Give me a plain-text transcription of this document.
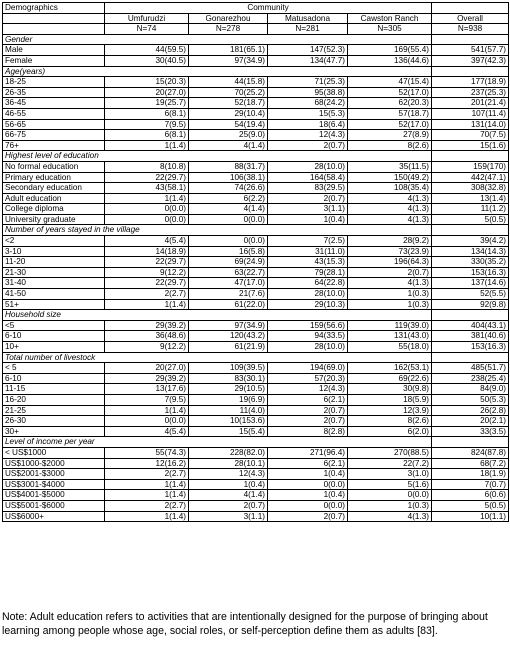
Demographics	Community				
	Umfurudzi	Gonarezhou	Matusadona	Cawston Ranch	Overall
	N=74	N=278	N=281	N=305	N=938
Gender					
Male	44(59.5)	181(65.1)	147(52.3)	169(55.4)	541(57.7)
Female	30(40.5)	97(34.9)	134(47.7)	136(44.6)	397(42.3)
Age(years)					
18-25	15(20.3)	44(15.8)	71(25.3)	47(15.4)	177(18.9)
26-35	20(27.0)	70(25.2)	95(38.8)	52(17.0)	237(25.3)
36-45	19(25.7)	52(18.7)	68(24.2)	62(20.3)	201(21.4)
46-55	6(8.1)	29(10.4)	15(5.3)	57(18.7)	107(11.4)
56-65	7(9.5)	54(19.4)	18(6.4)	52(17.0)	131(14.0)
66-75	6(8.1)	25(9.0)	12(4.3)	27(8.9)	70(7.5)
76+	1(1.4)	4(1.4)	2(0.7)	8(2.6)	15(1.6)
Highest level of education					
No formal education	8(10.8)	88(31.7)	28(10.0)	35(11.5)	159(170)
Primary education	22(29.7)	106(38.1)	164(58.4)	150(49.2)	442(47.1)
Secondary education	43(58.1)	74(26.6)	83(29.5)	108(35.4)	308(32.8)
Adult education	1(1.4)	6(2.2)	2(0.7)	4(1.3)	13(1.4)
College diploma	0(0.0)	4(1.4)	3(1.1)	4(1.3)	11(1.2)
University graduate	0(0.0)	0(0.0)	1(0.4)	4(1.3)	5(0.5)
Number of years stayed in the village					
<2	4(5.4)	0(0.0)	7(2.5)	28(9.2)	39(4.2)
3-10	14(18.9)	16(5.8)	31(11.0)	73(23.9)	134(14.3)
11-20	22(29.7)	69(24.9)	43(15.3)	196(64.3)	330(35.2)
21-30	9(12.2)	63(22.7)	79(28.1)	2(0.7)	153(16.3)
31-40	22(29.7)	47(17.0)	64(22.8)	4(1.3)	137(14.6)
41-50	2(2.7)	21(7.6)	28(10.0)	1(0.3)	52(5.5)
51+	1(1.4)	61(22.0)	29(10.3)	1(0.3)	92(9.8)
Household size					
<5	29(39.2)	97(34.9)	159(56.6)	119(39.0)	404(43.1)
6-10	36(48.6)	120(43.2)	94(33.5)	131(43.0)	381(40.6)
10+	9(12.2)	61(21.9)	28(10.0)	55(18.0)	153(16.3)
Total number of livestock					
< 5	20(27.0)	109(39.5)	194(69.0)	162(53.1)	485(51.7)
6-10	29(39.2)	83(30.1)	57(20.3)	69(22.6)	238(25.4)
11-15	13(17.6)	29(10.5)	12(4.3)	30(9.8)	84(9.0)
16-20	7(9.5)	19(6.9)	6(2.1)	18(5.9)	50(5.3)
21-25	1(1.4)	11(4.0)	2(0.7)	12(3.9)	26(2.8)
26-30	0(0.0)	10(153.6)	2(0.7)	8(2.6)	20(2.1)
30+	4(5.4)	15(5.4)	8(2.8)	6(2.0)	33(3.5)
Level of income per year					
< US$1000	55(74.3)	228(82.0)	271(96.4)	270(88.5)	824(87.8)
US$1000-$2000	12(16.2)	28(10.1)	6(2.1)	22(7.2)	68(7.2)
US$2001-$3000	2(2.7)	12(4.3)	1(0.4)	3(1.0)	18(1.9)
US$3001-$4000	1(1.4)	1(0.4)	0(0.0)	5(1.6)	7(0.7)
US$4001-$5000	1(1.4)	4(1.4)	1(0.4)	0(0.0)	6(0.6)
US$5001-$6000	2(2.7)	2(0.7)	0(0.0)	1(0.3)	5(0.5)
US$6000+	1(1.4)	3(1.1)	2(0.7)	4(1.3)	10(1.1)
Note: Adult education refers to activities that are intentionally designed for the purpose of bringing about learning among people whose age, social roles, or self-perception define them as adults [83].
